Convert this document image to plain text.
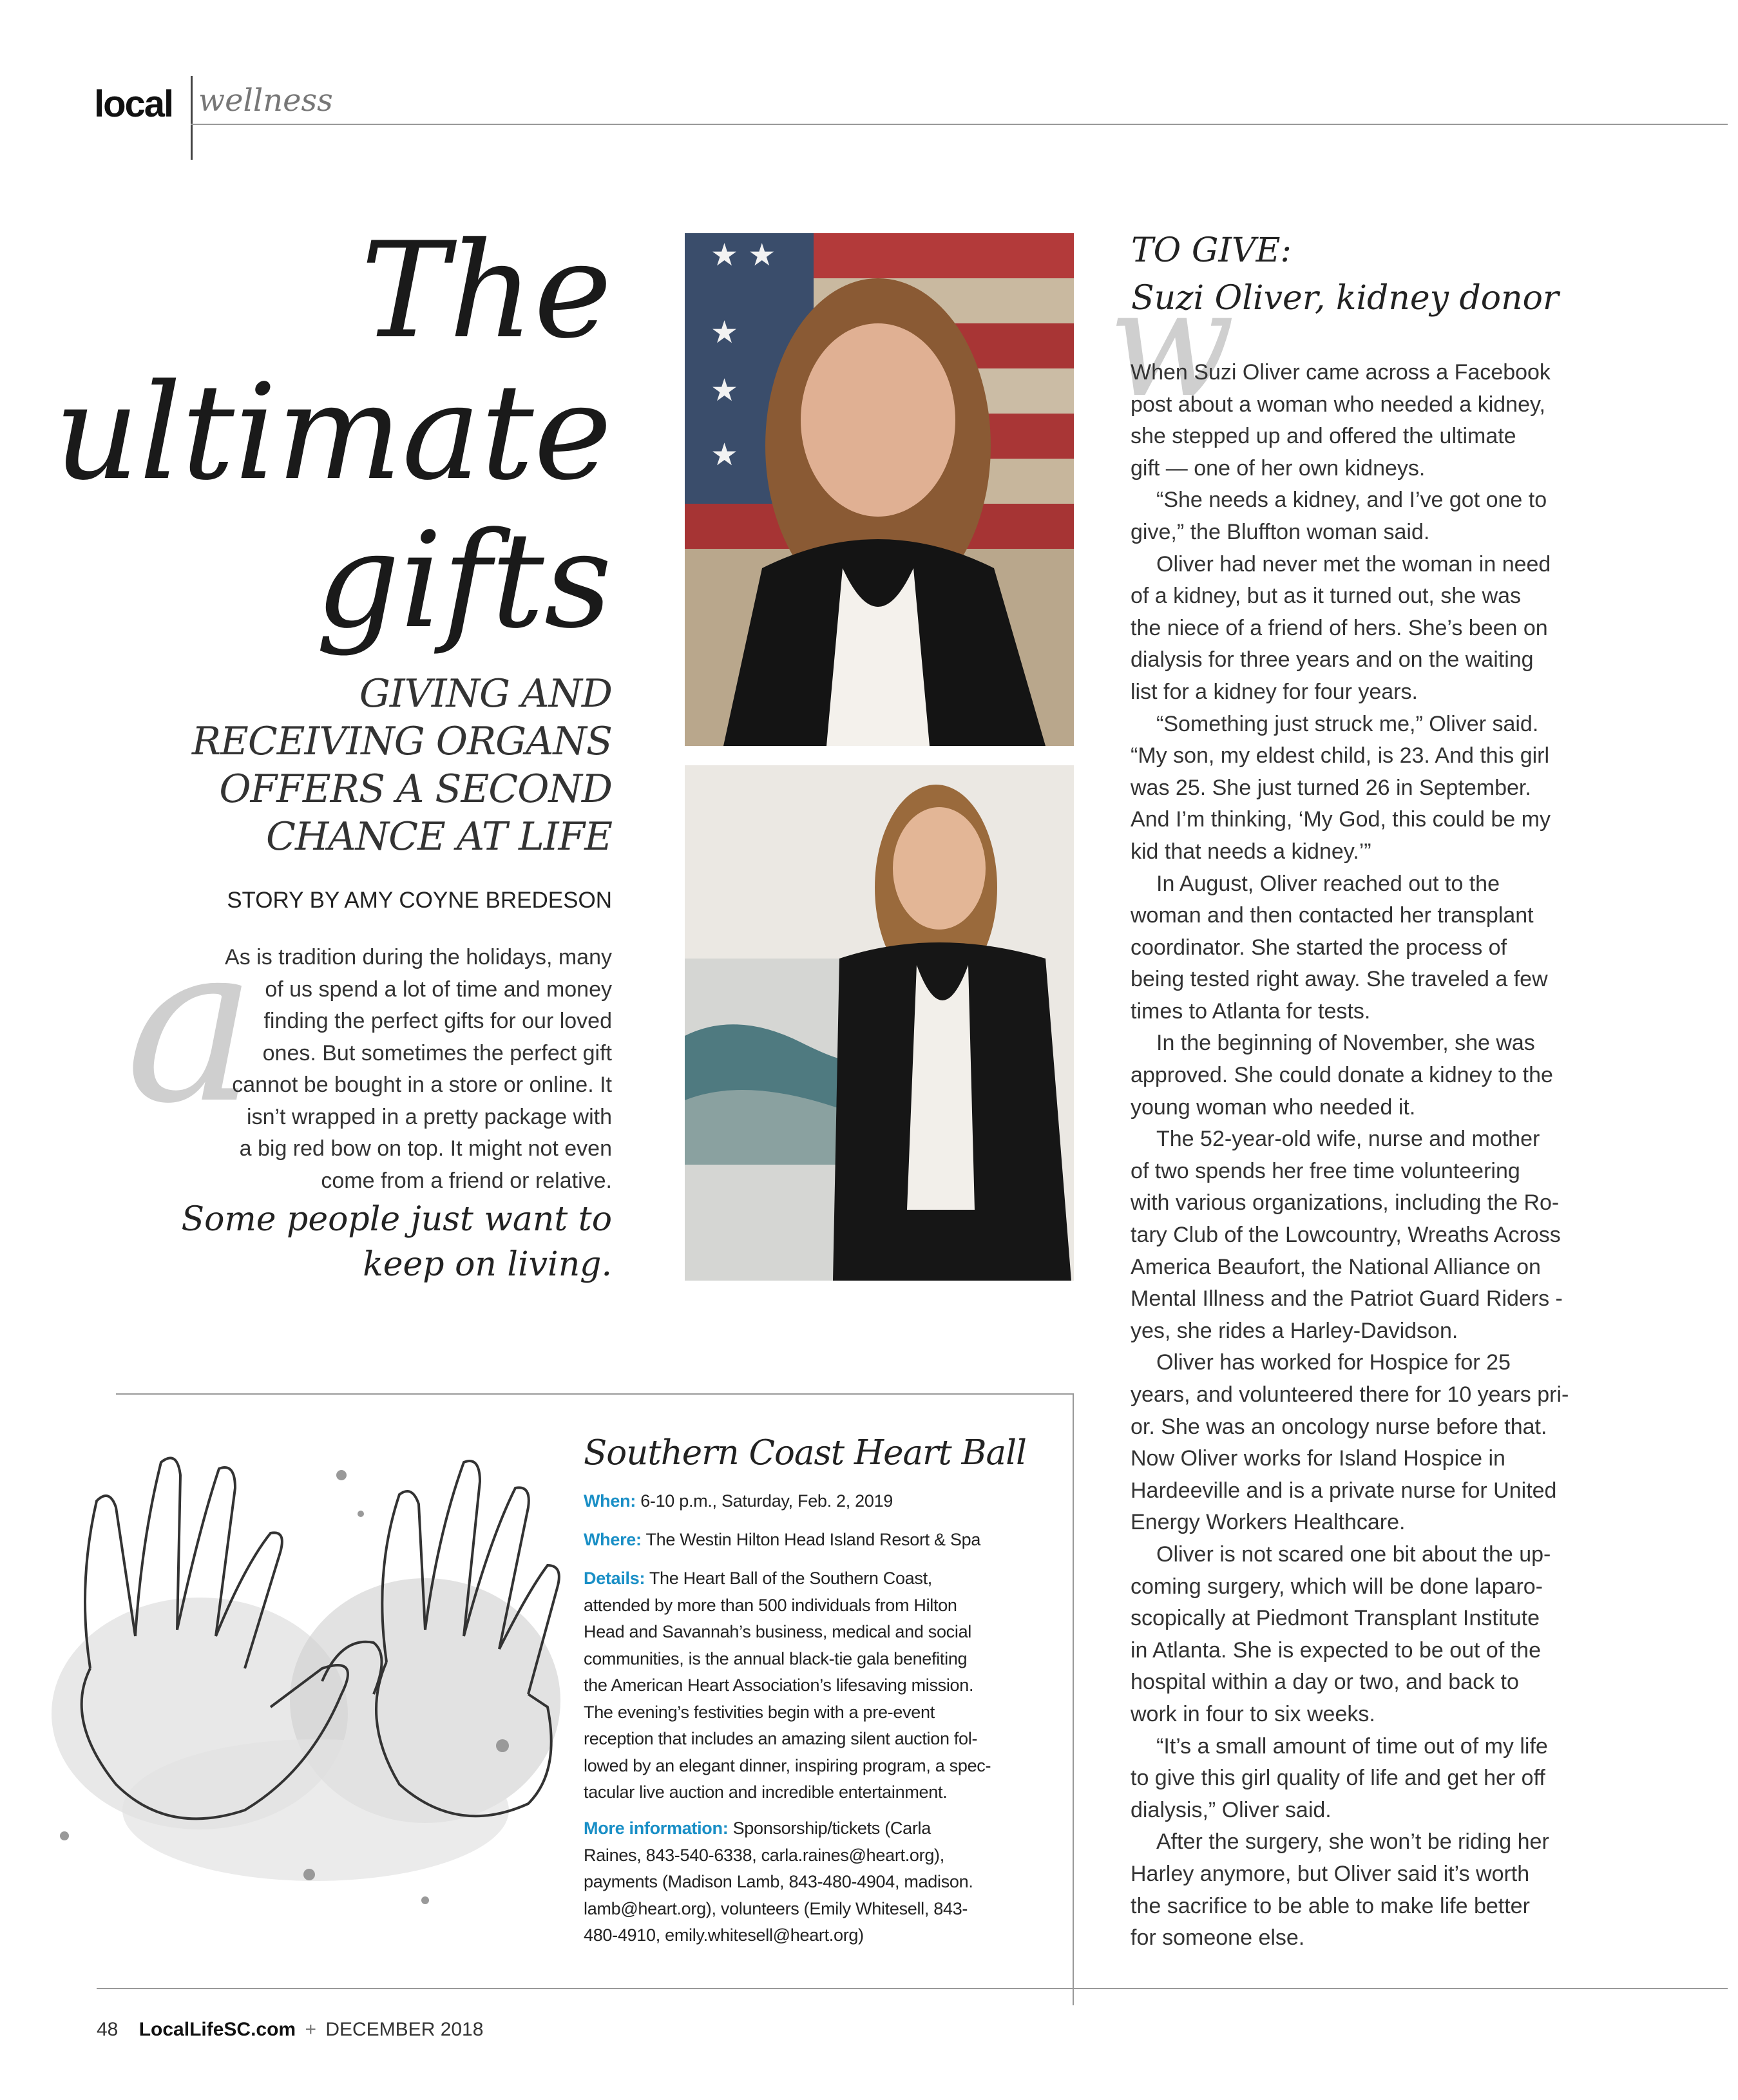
local wellness
The
ultimate
gifts
GIVING AND
RECEIVING ORGANS
OFFERS A SECOND
CHANCE AT LIFE
STORY BY AMY COYNE BREDESON
a
As is tradition during the holidays, many
of us spend a lot of time and money
finding the perfect gifts for our loved
ones. But sometimes the perfect gift
cannot be bought in a store or online. It
isn’t wrapped in a pretty package with
a big red bow on top. It might not even
come from a friend or relative.
Some people just want to
keep on living.
★ ★
★
★
★
TO GIVE:
Suzi Oliver, kidney donor
w

When Suzi Oliver came across a Facebook
post about a woman who needed a kidney,
she stepped up and offered the ultimate
gift — one of her own kidneys.

“She needs a kidney, and I’ve got one to
give,” the Bluffton woman said.

Oliver had never met the woman in need
of a kidney, but as it turned out, she was
the niece of a friend of hers. She’s been on
dialysis for three years and on the waiting
list for a kidney for four years.

“Something just struck me,” Oliver said.
“My son, my eldest child, is 23. And this girl
was 25. She just turned 26 in September.
And I’m thinking, ‘My God, this could be my
kid that needs a kidney.’”

In August, Oliver reached out to the
woman and then contacted her transplant
coordinator. She started the process of
being tested right away. She traveled a few
times to Atlanta for tests.

In the beginning of November, she was
approved. She could donate a kidney to the
young woman who needed it.

The 52-year-old wife, nurse and mother
of two spends her free time volunteering
with various organizations, including the Ro-
tary Club of the Lowcountry, Wreaths Across
America Beaufort, the National Alliance on
Mental Illness and the Patriot Guard Riders -
yes, she rides a Harley-Davidson.

Oliver has worked for Hospice for 25
years, and volunteered there for 10 years pri-
or. She was an oncology nurse before that.
Now Oliver works for Island Hospice in
Hardeeville and is a private nurse for United
Energy Workers Healthcare.

Oliver is not scared one bit about the up-
coming surgery, which will be done laparo-
scopically at Piedmont Transplant Institute
in Atlanta. She is expected to be out of the
hospital within a day or two, and back to
work in four to six weeks.

“It’s a small amount of time out of my life
to give this girl quality of life and get her off
dialysis,” Oliver said.

After the surgery, she won’t be riding her
Harley anymore, but Oliver said it’s worth
the sacrifice to be able to make life better
for someone else.

Southern Coast Heart Ball
When: 6-10 p.m., Saturday, Feb. 2, 2019
Where: The Westin Hilton Head Island Resort & Spa
Details: The Heart Ball of the Southern Coast,
attended by more than 500 individuals from Hilton
Head and Savannah’s business, medical and social
communities, is the annual black-tie gala benefiting
the American Heart Association’s lifesaving mission.
The evening’s festivities begin with a pre-event
reception that includes an amazing silent auction fol-
lowed by an elegant dinner, inspiring program, a spec-
tacular live auction and incredible entertainment.
More information: Sponsorship/tickets (Carla
Raines, 843-540-6338, carla.raines@heart.org),
payments (Madison Lamb, 843-480-4904, madison.
lamb@heart.org), volunteers (Emily Whitesell, 843-
480-4910, emily.whitesell@heart.org)
48 LocalLifeSC.com + DECEMBER 2018
